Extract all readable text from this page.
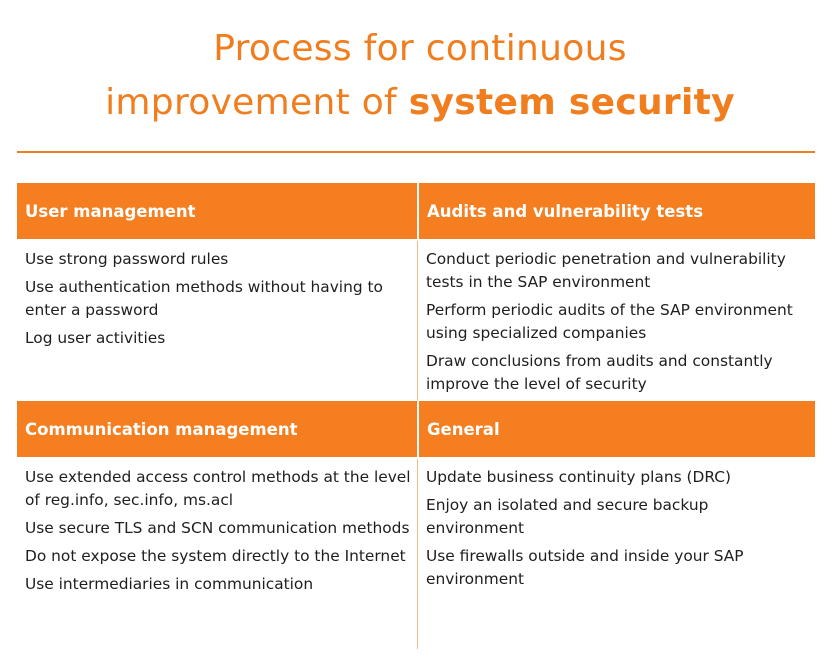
Process for continuous
improvement of system security
User management	Audits and vulnerability tests
Use strong password rules
Use authentication methods without having to enter a password
Log user activities
Conduct periodic penetration and vulnerability tests in the SAP environment
Perform periodic audits of the SAP environment using specialized companies
Draw conclusions from audits and constantly improve the level of security
Communication management	General
Use extended access control methods at the level of reg.info, sec.info, ms.acl
Use secure TLS and SCN communication methods
Do not expose the system directly to the Internet
Use intermediaries in communication
Update business continuity plans (DRC)
Enjoy an isolated and secure backup environment
Use firewalls outside and inside your SAP environment
